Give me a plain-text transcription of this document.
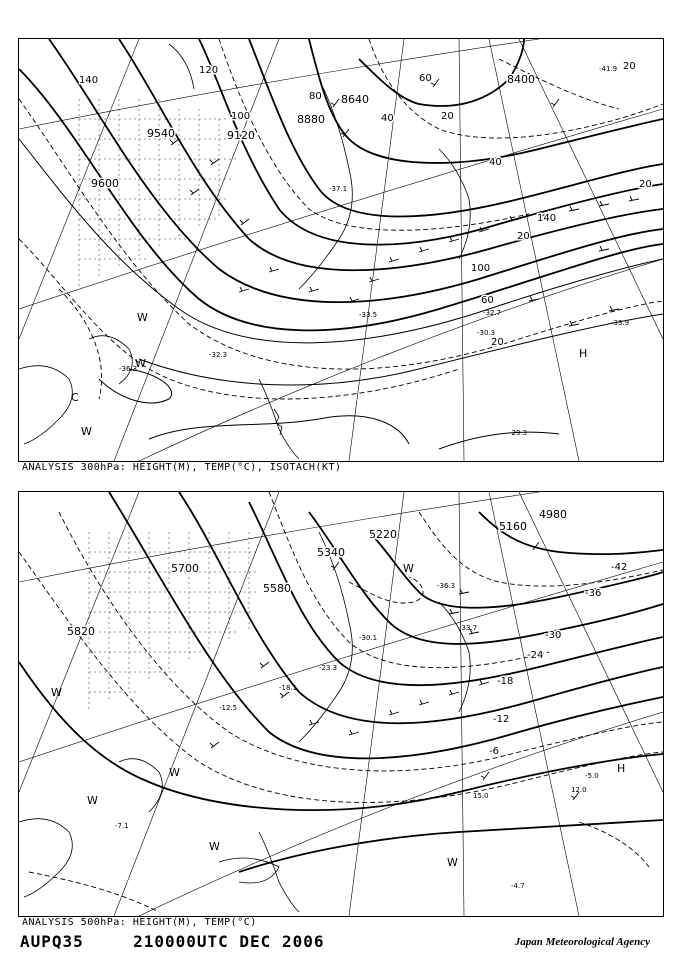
9600
9540	9120
8880
8640
8400
140
120
100
80
60
40	20
20
20
40
20
140
100
60
20
-29.3
-32.3
-33.5
-36.3
-37.1
-32.7
-30.3
-41.9
-33.9
W
W
C
W
H
ANALYSIS 300hPa: HEIGHT(M), TEMP(°C), ISOTACH(KT)
5700
5820
5580
5340
5220
5160
4980
-42
-36
-30
-24
-18
-12
-6
-4.7
-5.0
-7.1
-12.5
-18.1
-23.3
-30.1
-33.7
-36.3
15.0
12.0
W
W
W
W
W
W	H
ANALYSIS 500hPa: HEIGHT(M), TEMP(°C)
AUPQ35	210000UTC DEC 2006	Japan Meteorological Agency
